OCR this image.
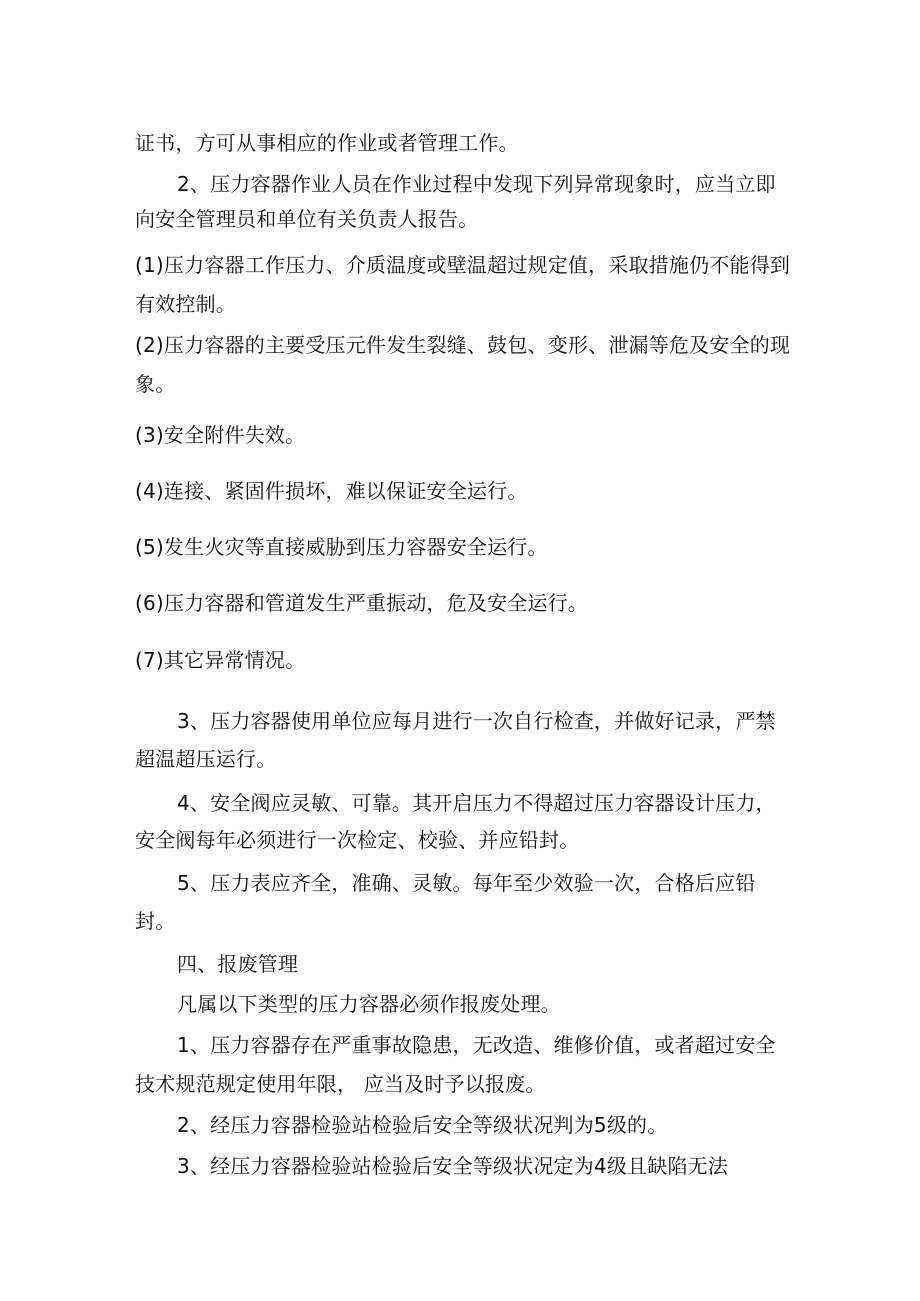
证书，方可从事相应的作业或者管理工作。

2、压力容器作业人员在作业过程中发现下列异常现象时，应当立即

向安全管理员和单位有关负责人报告。

(1)压力容器工作压力、介质温度或壁温超过规定值，采取措施仍不能得到

有效控制。

(2)压力容器的主要受压元件发生裂缝、鼓包、变形、泄漏等危及安全的现

象。

(3)安全附件失效。

(4)连接、紧固件损坏，难以保证安全运行。

(5)发生火灾等直接威胁到压力容器安全运行。

(6)压力容器和管道发生严重振动，危及安全运行。

(7)其它异常情况。

3、压力容器使用单位应每月进行一次自行检查，并做好记录，严禁

超温超压运行。

4、安全阀应灵敏、可靠。其开启压力不得超过压力容器设计压力，

安全阀每年必须进行一次检定、校验、并应铅封。

5、压力表应齐全，准确、灵敏。每年至少效验一次，合格后应铅

封。

四、报废管理

凡属以下类型的压力容器必须作报废处理。

1、压力容器存在严重事故隐患，无改造、维修价值，或者超过安全

技术规范规定使用年限， 应当及时予以报废。

2、经压力容器检验站检验后安全等级状况判为5级的。

3、经压力容器检验站检验后安全等级状况定为4级且缺陷无法
